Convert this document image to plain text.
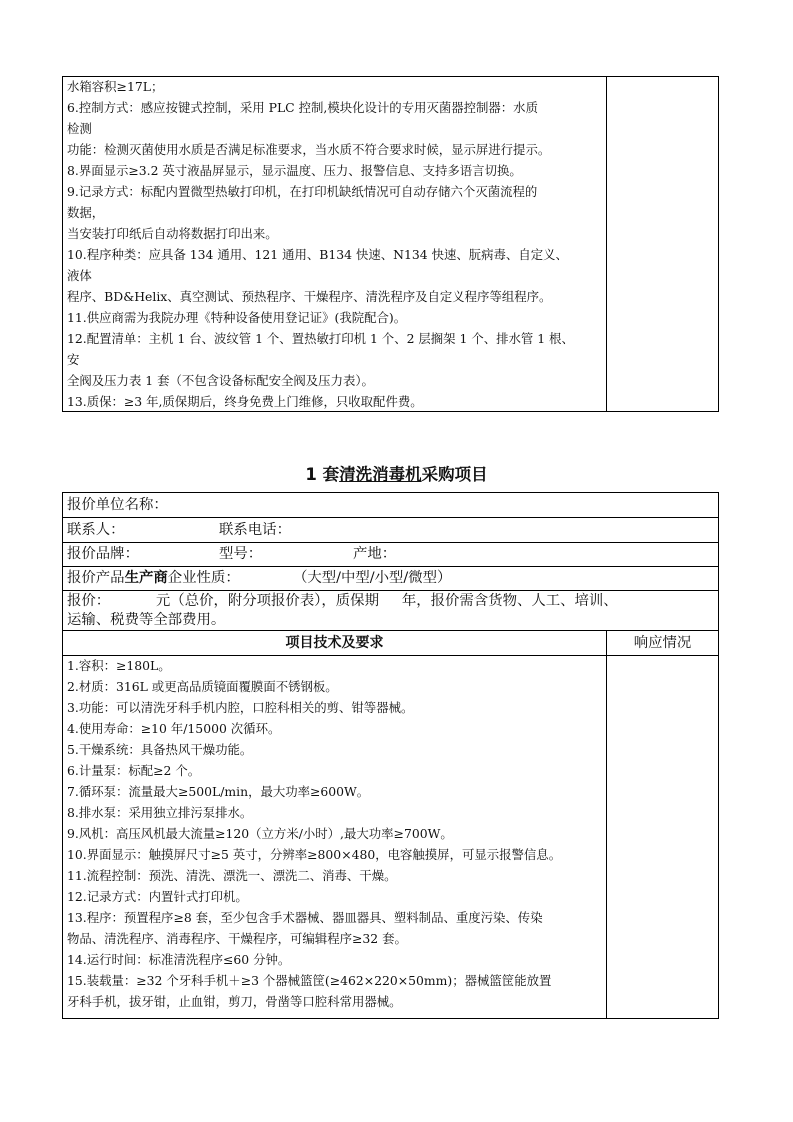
水箱容积≥17L；
6.控制方式：感应按键式控制，采用 PLC 控制,模块化设计的专用灭菌器控制器：水质
检测
功能：检测灭菌使用水质是否满足标准要求，当水质不符合要求时候，显示屏进行提示。
8.界面显示≥3.2 英寸液晶屏显示，显示温度、压力、报警信息、支持多语言切换。
9.记录方式：标配内置微型热敏打印机，在打印机缺纸情况可自动存储六个灭菌流程的
数据，
当安装打印纸后自动将数据打印出来。
10.程序种类：应具备 134 通用、121 通用、B134 快速、N134 快速、朊病毒、自定义、
液体
程序、BD&Helix、真空测试、预热程序、干燥程序、清洗程序及自定义程序等组程序。
11.供应商需为我院办理《特种设备使用登记证》(我院配合)。
12.配置清单：主机 1 台、波纹管 1 个、置热敏打印机 1 个、2 层搁架 1 个、排水管 1 根、
安
全阀及压力表 1 套（不包含设备标配安全阀及压力表）。
13.质保：≥3 年,质保期后，终身免费上门维修，只收取配件费。
1 套清洗消毒机采购项目
报价单位名称：
联系人：	联系电话：
报价品牌：	型号：	产地：
报价产品生产商企业性质：	（大型/中型/小型/微型）
报价：          元（总价，附分项报价表），质保期     年，报价需含货物、人工、培训、
运输、税费等全部费用。
项目技术及要求	响应情况
1.容积：≥180L。
2.材质：316L 或更高品质镜面覆膜面不锈钢板。
3.功能：可以清洗牙科手机内腔，口腔科相关的剪、钳等器械。
4.使用寿命：≥10 年/15000 次循环。
5.干燥系统：具备热风干燥功能。
6.计量泵：标配≥2 个。
7.循环泵：流量最大≥500L/min，最大功率≥600W。
8.排水泵：采用独立排污泵排水。
9.风机：高压风机最大流量≥120（立方米/小时）,最大功率≥700W。
10.界面显示：触摸屏尺寸≥5 英寸，分辨率≥800×480，电容触摸屏，可显示报警信息。
11.流程控制：预洗、清洗、漂洗一、漂洗二、消毒、干燥。
12.记录方式：内置针式打印机。
13.程序：预置程序≥8 套，至少包含手术器械、器皿器具、塑料制品、重度污染、传染
物品、清洗程序、消毒程序、干燥程序，可编辑程序≥32 套。
14.运行时间：标准清洗程序≤60 分钟。
15.装载量：≥32 个牙科手机＋≥3 个器械篮筐(≥462×220×50mm)；器械篮筐能放置
牙科手机，拔牙钳，止血钳，剪刀，骨凿等口腔科常用器械。
